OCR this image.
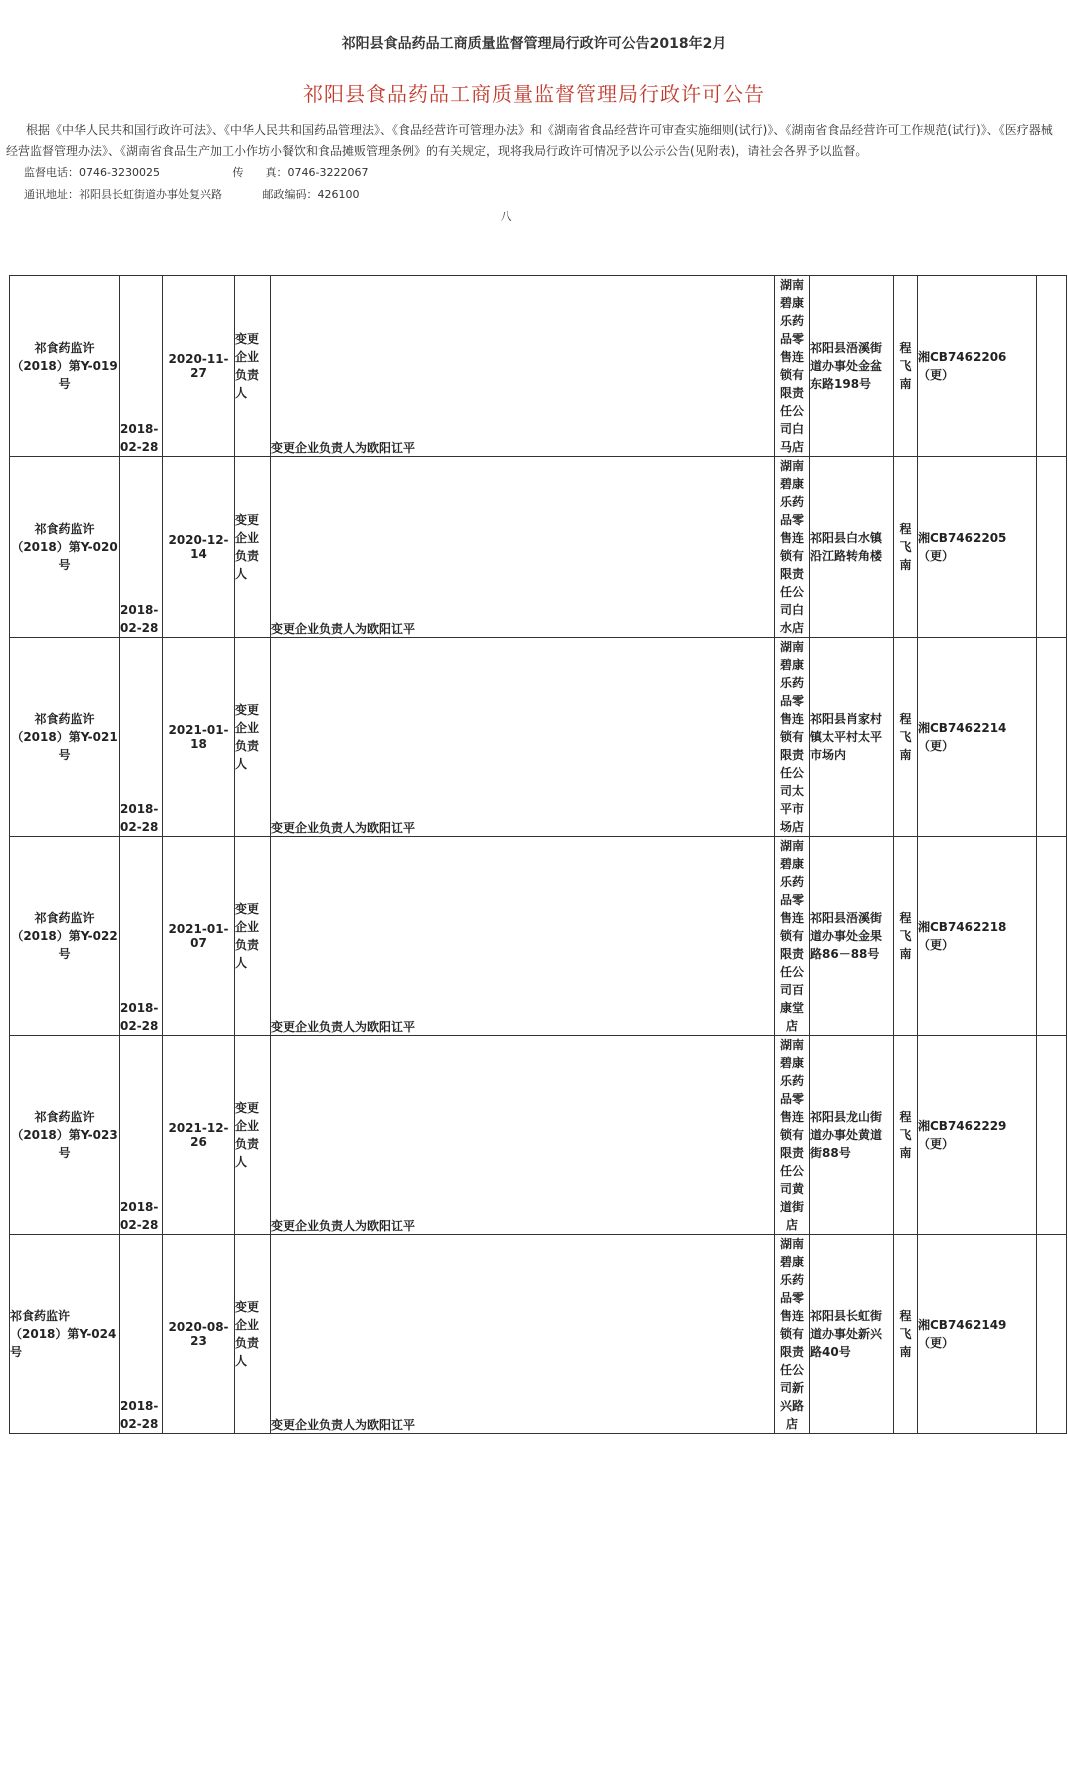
祁阳县食品药品工商质量监督管理局行政许可公告2018年2月
祁阳县食品药品工商质量监督管理局行政许可公告

根据《中华人民共和国行政许可法》、《中华人民共和国药品管理法》、《食品经营许可管理办法》和《湖南省食品经营许可审查实施细则(试行)》、《湖南省食品经营许可工作规范(试行)》、《医疗器械经营监督管理办法》、《湖南省食品生产加工小作坊小餐饮和食品摊贩管理条例》的有关规定，现将我局行政许可情况予以公示公告(见附表)，请社会各界予以监督。

监督电话：0746-3230025	传　　真：0746-3222067
通讯地址：祁阳县长虹街道办事处复兴路	邮政编码：426100
八
祁食药监许（2018）第Y-019号	2018-02-28	2020-11-27	变更企业负责人	变更企业负责人为欧阳讧平	湖南碧康乐药品零售连锁有限责任公司白马店	祁阳县浯溪街道办事处金盆东路198号	程飞南	湘CB7462206（更）	
祁食药监许（2018）第Y-020号	2018-02-28	2020-12-14	变更企业负责人	变更企业负责人为欧阳讧平	湖南碧康乐药品零售连锁有限责任公司白水店	祁阳县白水镇沿江路转角楼	程飞南	湘CB7462205（更）	
祁食药监许（2018）第Y-021号	2018-02-28	2021-01-18	变更企业负责人	变更企业负责人为欧阳讧平	湖南碧康乐药品零售连锁有限责任公司太平市场店	祁阳县肖家村镇太平村太平市场内	程飞南	湘CB7462214（更）	
祁食药监许（2018）第Y-022号	2018-02-28	2021-01-07	变更企业负责人	变更企业负责人为欧阳讧平	湖南碧康乐药品零售连锁有限责任公司百康堂店	祁阳县浯溪街道办事处金果路86－88号	程飞南	湘CB7462218（更）	
祁食药监许（2018）第Y-023号	2018-02-28	2021-12-26	变更企业负责人	变更企业负责人为欧阳讧平	湖南碧康乐药品零售连锁有限责任公司黄道街店	祁阳县龙山街道办事处黄道街88号	程飞南	湘CB7462229（更）	
祁食药监许（2018）第Y-024号	2018-02-28	2020-08-23	变更企业负责人	变更企业负责人为欧阳讧平	湖南碧康乐药品零售连锁有限责任公司新兴路店	祁阳县长虹街道办事处新兴路40号	程飞南	湘CB7462149（更）	
